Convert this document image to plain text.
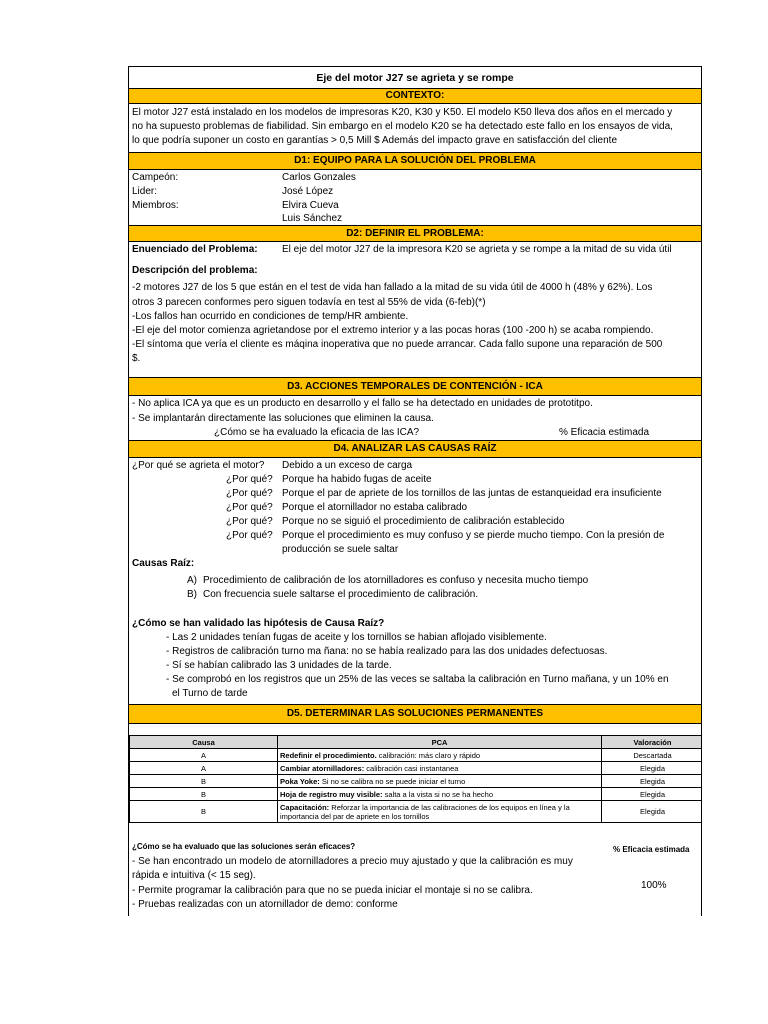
Eje del motor J27 se agrieta y se rompe
CONTEXTO:
El motor J27 está instalado en los modelos de impresoras K20, K30 y K50. El modelo K50 lleva dos años en el mercado y
no ha supuesto problemas de fiabilidad. Sin embargo en el modelo K20 se ha detectado este fallo en los ensayos de vida,
lo que podría suponer un costo en garantías > 0,5 Mill $ Además del impacto grave en satisfacción del cliente
D1: EQUIPO PARA LA SOLUCIÓN DEL PROBLEMA
Campeón:	Carlos Gonzales
Lider:	José López
Miembros:	Elvira Cueva
Luis Sánchez
D2: DEFINIR EL PROBLEMA:
Enuenciado del Problema: El eje del motor J27 de la impresora K20 se agrieta y se rompe a la mitad de su vida útil
Descripción del problema:
-2 motores J27 de los 5 que están en el test de vida han fallado a la mitad de su vida útil de 4000 h (48% y 62%). Los
otros 3 parecen conformes pero siguen todavía en test al 55% de vida (6-feb)(*)
-Los fallos han ocurrido en condiciones de temp/HR ambiente.
-El eje del motor comienza agrietandose por el extremo interior y a las pocas horas (100 -200 h) se acaba rompiendo.
-El síntoma que vería el cliente es máqina inoperativa que no puede arrancar. Cada fallo supone una reparación de 500
$.
D3. ACCIONES TEMPORALES DE CONTENCIÓN - ICA
- No aplica ICA ya que es un producto en desarrollo y el fallo se ha detectado en unidades de prototitpo.
- Se implantarán directamente las soluciones que eliminen la causa.
¿Cómo se ha evaluado la eficacia de las ICA?	% Eficacia estimada
D4. ANALIZAR LAS CAUSAS RAÍZ
¿Por qué se agrieta el motor? Debido a un exceso de carga
¿Por qué? Porque ha habido fugas de aceite
¿Por qué? Porque el par de apriete de los tornillos de las juntas de estanqueidad era insuficiente
¿Por qué? Porque el atornillador no estaba calibrado
¿Por qué? Porque no se siguió el procedimiento de calibración establecido
¿Por qué? Porque el procedimiento es muy confuso y se pierde mucho tiempo. Con la presión de
producción se suele saltar
Causas Raíz:
A) Procedimiento de calibración de los atornilladores es confuso y necesita mucho tiempo
B) Con frecuencia suele saltarse el procedimiento de calibración.
¿Cómo se han validado las hipótesis de Causa Raíz?
- Las 2 unidades tenían fugas de aceite y los tornillos se habian aflojado visiblemente.
- Registros de calibración turno ma ñana: no se había realizado para las dos unidades defectuosas.
- Sí se habían calibrado las 3 unidades de la tarde.
- Se comprobó en los registros que un 25% de las veces se saltaba la calibración en Turno mañana, y un 10% en
el Turno de tarde
D5. DETERMINAR LAS SOLUCIONES PERMANENTES
Causa	PCA	Valoración
A	Redefinir el procedimiento. calibración: más claro y rápido	Descartada
A	Cambiar atornilladores: calibración casi instantanea	Elegida
B	Poka Yoke: Si no se calibra no se puede iniciar el turno	Elegida
B	Hoja de registro muy visible: salta a la vista si no se ha hecho	Elegida
B	Capacitación: Reforzar la importancia de las calibraciones de los equipos en línea y la importancia del par de apriete en los tornillos	Elegida
¿Cómo se ha evaluado que las soluciones serán eficaces?	% Eficacia estimada
- Se han encontrado un modelo de atornilladores a precio muy ajustado y que la calibración es muy
rápida e intuitiva (< 15 seg).
100%
- Permite programar la calibración para que no se pueda iniciar el montaje si no se calibra.
- Pruebas realizadas con un atornillador de demo: conforme
